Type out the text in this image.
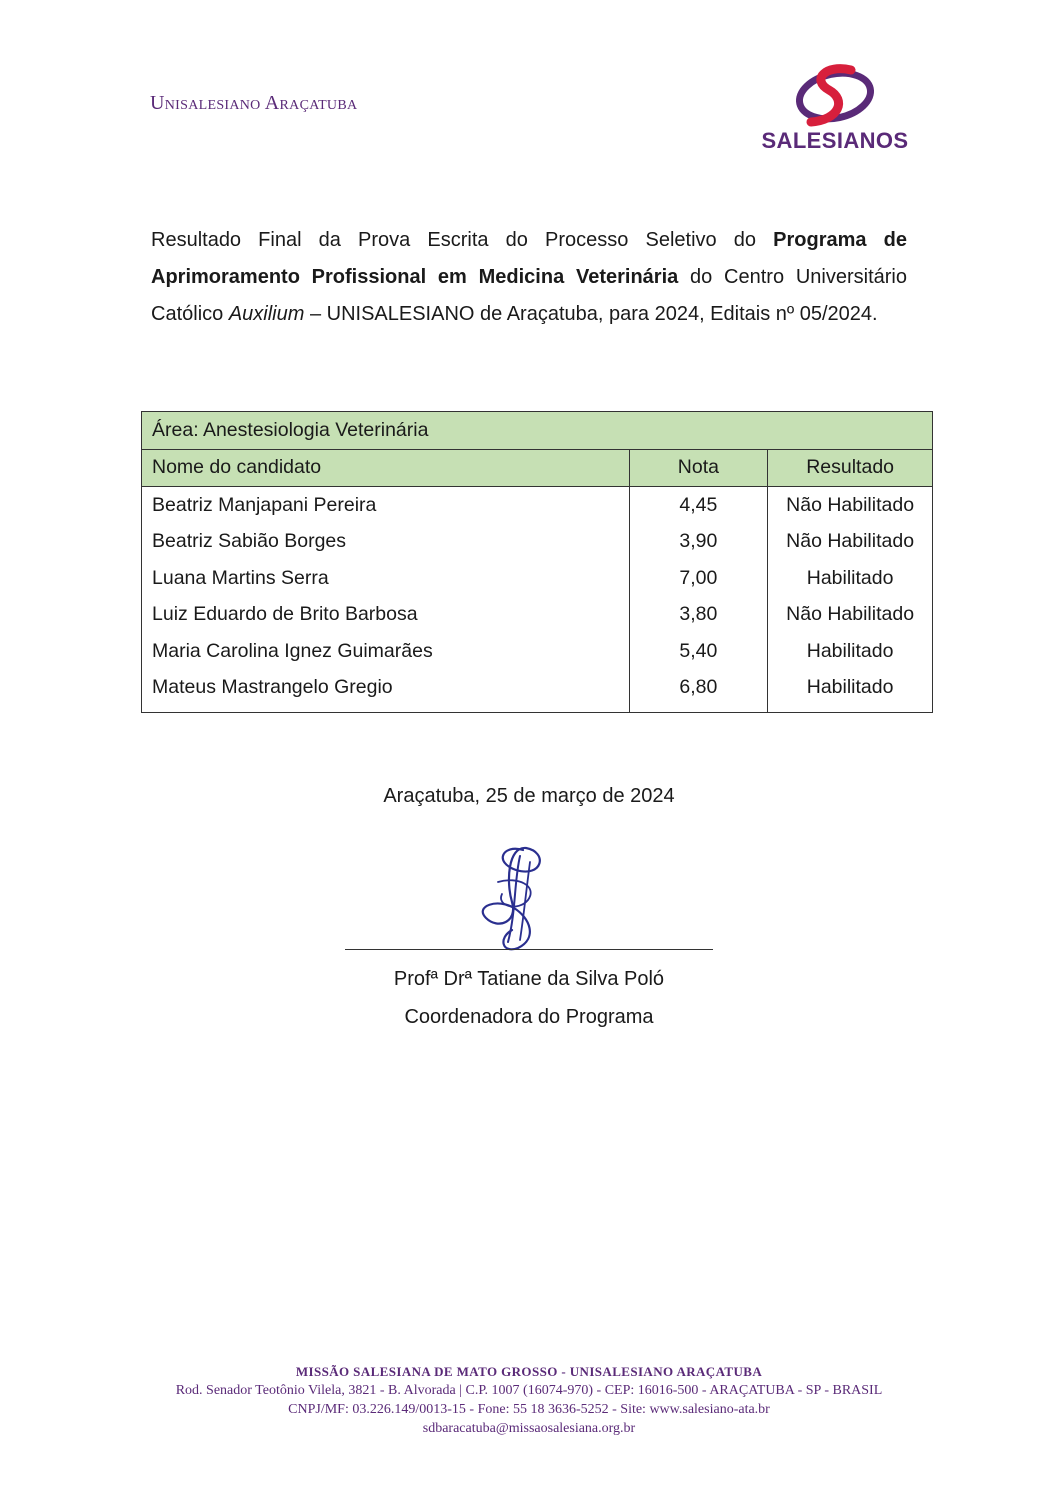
Unisalesiano Araçatuba
SALESIANOS

Resultado Final da Prova Escrita do Processo Seletivo do Programa de Aprimoramento Profissional em Medicina Veterinária do Centro Universitário Católico Auxilium – UNISALESIANO de Araçatuba, para 2024, Editais nº 05/2024.

Área: Anestesiologia Veterinária		
Nome do candidato	Nota	Resultado
Beatriz Manjapani Pereira	4,45	Não Habilitado
Beatriz Sabião Borges	3,90	Não Habilitado
Luana Martins Serra	7,00	Habilitado
Luiz Eduardo de Brito Barbosa	3,80	Não Habilitado
Maria Carolina Ignez Guimarães	5,40	Habilitado
Mateus Mastrangelo Gregio	6,80	Habilitado
Araçatuba, 25 de março de 2024
Profª Drª Tatiane da Silva Poló
Coordenadora do Programa
MISSÃO SALESIANA DE MATO GROSSO - UNISALESIANO ARAÇATUBA
Rod. Senador Teotônio Vilela, 3821 - B. Alvorada | C.P. 1007 (16074-970) - CEP: 16016-500 - ARAÇATUBA - SP - BRASIL
CNPJ/MF: 03.226.149/0013-15 - Fone: 55 18 3636-5252 - Site: www.salesiano-ata.br
sdbaracatuba@missaosalesiana.org.br
